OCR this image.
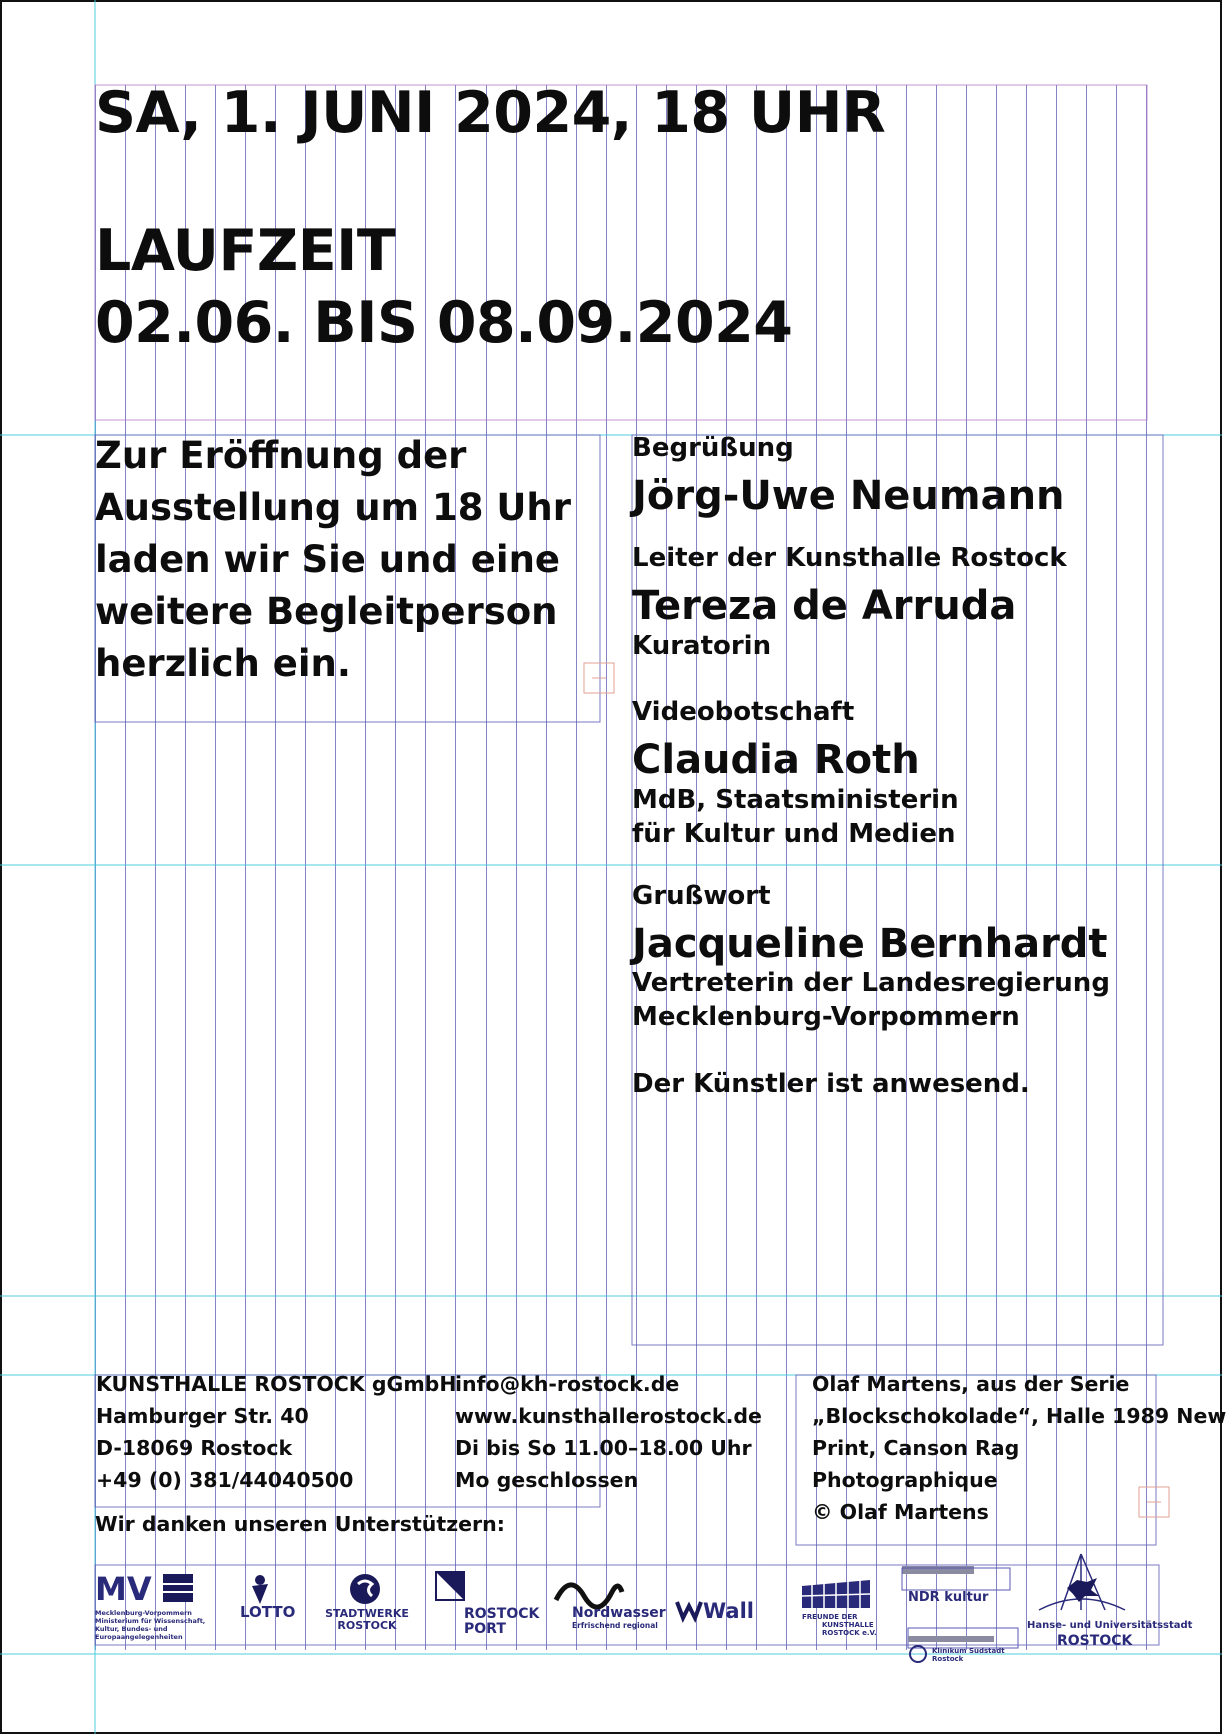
SA, 1. JUNI 2024, 18 UHR
LAUFZEIT
02.06. BIS 08.09.2024
Zur Eröffnung der Ausstellung um 18 Uhr laden wir Sie und eine weitere Begleitperson herzlich ein.
Begrüßung
Jörg-Uwe Neumann
Leiter der Kunsthalle Rostock
Tereza de Arruda
Kuratorin
Videobotschaft
Claudia Roth
MdB, Staatsministerin
für Kultur und Medien
Grußwort
Jacqueline Bernhardt
Vertreterin der Landesregierung
Mecklenburg-Vorpommern
Der Künstler ist anwesend.
KUNSTHALLE ROSTOCK gGmbH
Hamburger Str. 40
D-18069 Rostock
+49 (0) 381/44040500
info@kh-rostock.de
www.kunsthallerostock.de
Di bis So 11.00–18.00 Uhr
Mo geschlossen
Olaf Martens, aus der Serie
„Blockschokolade“, Halle 1989 New
Print, Canson Rag
Photographique
© Olaf Martens
Wir danken unseren Unterstützern:
MV
Mecklenburg-Vorpommern
Ministerium für Wissenschaft,
Kultur, Bundes- und
Europaangelegenheiten
LOTTO	STADTWERKE
ROSTOCK
ROSTOCK
PORT
Nordwasser
Erfrischend regional
Wall	FREUNDE DER
KUNSTHALLE
ROSTOCK e.V.
NDR kultur
Klinikum Südstadt
Rostock
Hanse- und Universitätsstadt
ROSTOCK
